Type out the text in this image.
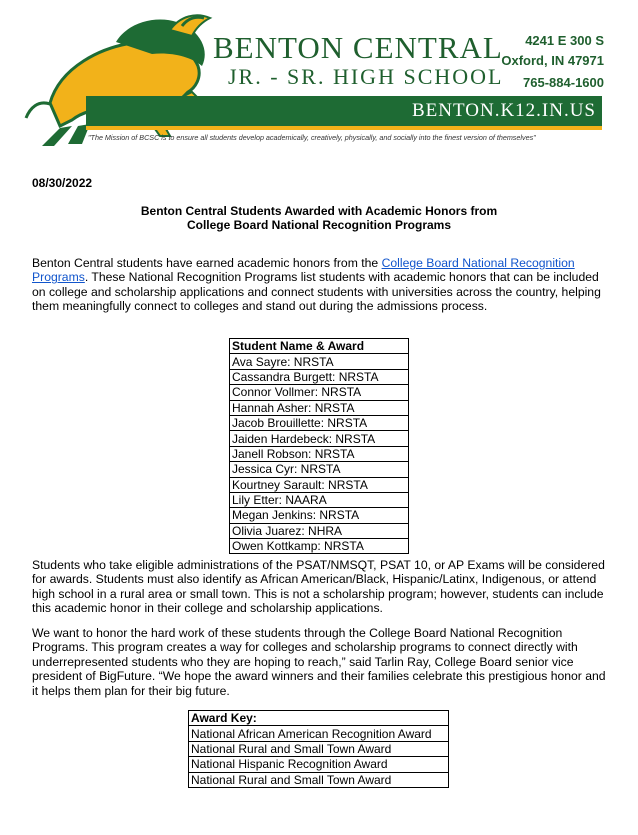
BENTON CENTRAL
JR. - SR. HIGH SCHOOL
4241 E 300 S
Oxford, IN 47971
765-884-1600
BENTON.K12.IN.US
"The Mission of BCSC is to ensure all students develop academically, creatively, physically, and socially into the finest version of themselves"
08/30/2022
Benton Central Students Awarded with Academic Honors from
College Board National Recognition Programs

Benton Central students have earned academic honors from the College Board National Recognition Programs. These National Recognition Programs list students with academic honors that can be included on college and scholarship applications and connect students with universities across the country, helping them meaningfully connect to colleges and stand out during the admissions process.

Student Name & Award
Ava Sayre: NRSTA
Cassandra Burgett: NRSTA
Connor Vollmer: NRSTA
Hannah Asher: NRSTA
Jacob Brouillette: NRSTA
Jaiden Hardebeck: NRSTA
Janell Robson: NRSTA
Jessica Cyr: NRSTA
Kourtney Sarault: NRSTA
Lily Etter: NAARA
Megan Jenkins: NRSTA
Olivia Juarez: NHRA
Owen Kottkamp: NRSTA

Students who take eligible administrations of the PSAT/NMSQT, PSAT 10, or AP Exams will be considered for awards. Students must also identify as African American/Black, Hispanic/Latinx, Indigenous, or attend high school in a rural area or small town. This is not a scholarship program; however, students can include this academic honor in their college and scholarship applications.

We want to honor the hard work of these students through the College Board National Recognition Programs. This program creates a way for colleges and scholarship programs to connect directly with underrepresented students who they are hoping to reach,” said Tarlin Ray, College Board senior vice president of BigFuture. “We hope the award winners and their families celebrate this prestigious honor and it helps them plan for their big future.

Award Key:
National African American Recognition Award
National Rural and Small Town Award
National Hispanic Recognition Award
National Rural and Small Town Award
